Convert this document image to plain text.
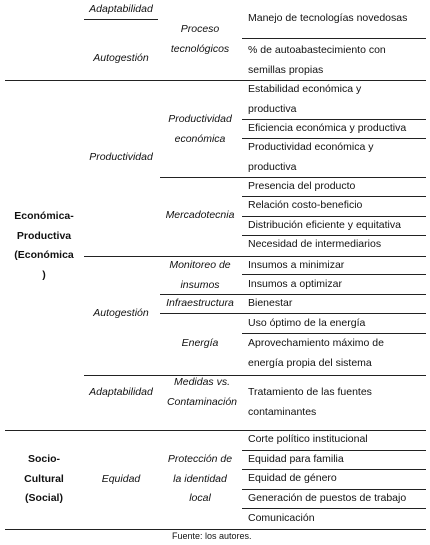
Adaptabilidad
Autogestión
Proceso
tecnológicos
Manejo de tecnologías novedosas
% de autoabastecimiento con
semillas propias
Económica-
Productiva
(Económica
)
Productividad
Productividad
económica
Estabilidad económica y
productiva
Eficiencia económica y productiva
Productividad económica y
productiva
Mercadotecnia
Presencia del producto
Relación costo-beneficio
Distribución eficiente y equitativa
Necesidad de intermediarios
Autogestión
Monitoreo de
insumos
Insumos a minimizar
Insumos a optimizar
Infraestructura	Bienestar
Energía
Uso óptimo de la energía
Aprovechamiento máximo de
energía propia del sistema
Adaptabilidad
Medidas vs.
Contaminación
Tratamiento de las fuentes
contaminantes
Socio-
Cultural
(Social)
Equidad
Protección de
la identidad
local
Corte político institucional
Equidad para familia
Equidad de género
Generación de puestos de trabajo
Comunicación
Fuente: los autores.
